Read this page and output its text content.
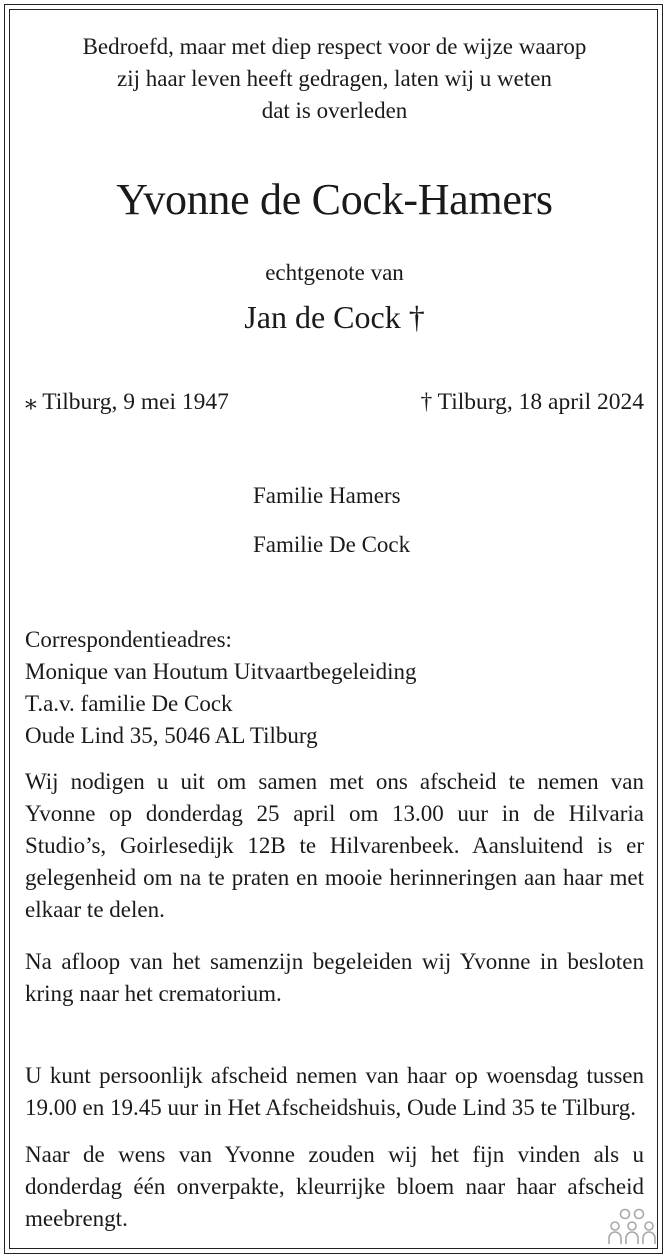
Bedroefd, maar met diep respect voor de wijze waarop
zij haar leven heeft gedragen, laten wij u weten
dat is overleden
Yvonne de Cock-Hamers
echtgenote van
Jan de Cock †
⁎ Tilburg, 9 mei 1947	† Tilburg, 18 april 2024
Familie Hamers
Familie De Cock
Correspondentieadres:
Monique van Houtum Uitvaartbegeleiding
T.a.v. familie De Cock
Oude Lind 35, 5046 AL Tilburg
Wij nodigen u uit om samen met ons afscheid te nemen van Yvonne op donderdag 25 april om 13.00 uur in de Hilvaria Studio’s, Goirlesedijk 12B te Hilvarenbeek. Aansluitend is er gelegenheid om na te praten en mooie herinneringen aan haar met elkaar te delen.
Na afloop van het samenzijn begeleiden wij Yvonne in besloten kring naar het crematorium.
U kunt persoonlijk afscheid nemen van haar op woensdag tussen 19.00 en 19.45 uur in Het Afscheidshuis, Oude Lind 35 te Tilburg.
Naar de wens van Yvonne zouden wij het fijn vinden als u donderdag één onverpakte, kleurrijke bloem naar haar afscheid meebrengt.
